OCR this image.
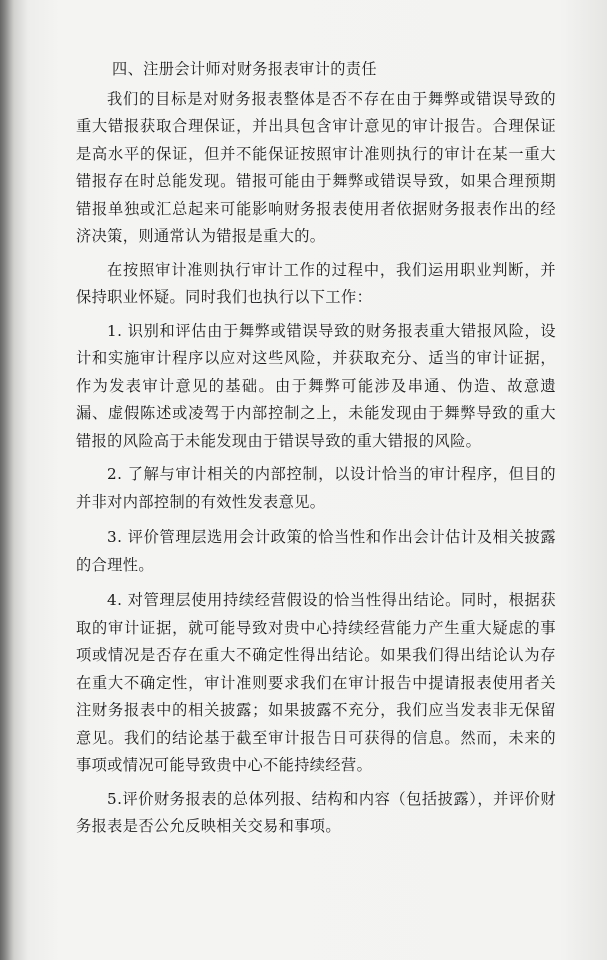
四、注册会计师对财务报表审计的责任

我们的目标是对财务报表整体是否不存在由于舞弊或错误导致的重大错报获取合理保证，并出具包含审计意见的审计报告。合理保证是高水平的保证，但并不能保证按照审计准则执行的审计在某一重大错报存在时总能发现。错报可能由于舞弊或错误导致，如果合理预期错报单独或汇总起来可能影响财务报表使用者依据财务报表作出的经济决策，则通常认为错报是重大的。

在按照审计准则执行审计工作的过程中，我们运用职业判断，并保持职业怀疑。同时我们也执行以下工作：

1. 识别和评估由于舞弊或错误导致的财务报表重大错报风险，设计和实施审计程序以应对这些风险，并获取充分、适当的审计证据，作为发表审计意见的基础。由于舞弊可能涉及串通、伪造、故意遗漏、虚假陈述或凌驾于内部控制之上，未能发现由于舞弊导致的重大错报的风险高于未能发现由于错误导致的重大错报的风险。

2. 了解与审计相关的内部控制，以设计恰当的审计程序，但目的并非对内部控制的有效性发表意见。

3. 评价管理层选用会计政策的恰当性和作出会计估计及相关披露的合理性。

4. 对管理层使用持续经营假设的恰当性得出结论。同时，根据获取的审计证据，就可能导致对贵中心持续经营能力产生重大疑虑的事项或情况是否存在重大不确定性得出结论。如果我们得出结论认为存在重大不确定性，审计准则要求我们在审计报告中提请报表使用者关注财务报表中的相关披露；如果披露不充分，我们应当发表非无保留意见。我们的结论基于截至审计报告日可获得的信息。然而，未来的事项或情况可能导致贵中心不能持续经营。

5.评价财务报表的总体列报、结构和内容（包括披露），并评价财务报表是否公允反映相关交易和事项。
